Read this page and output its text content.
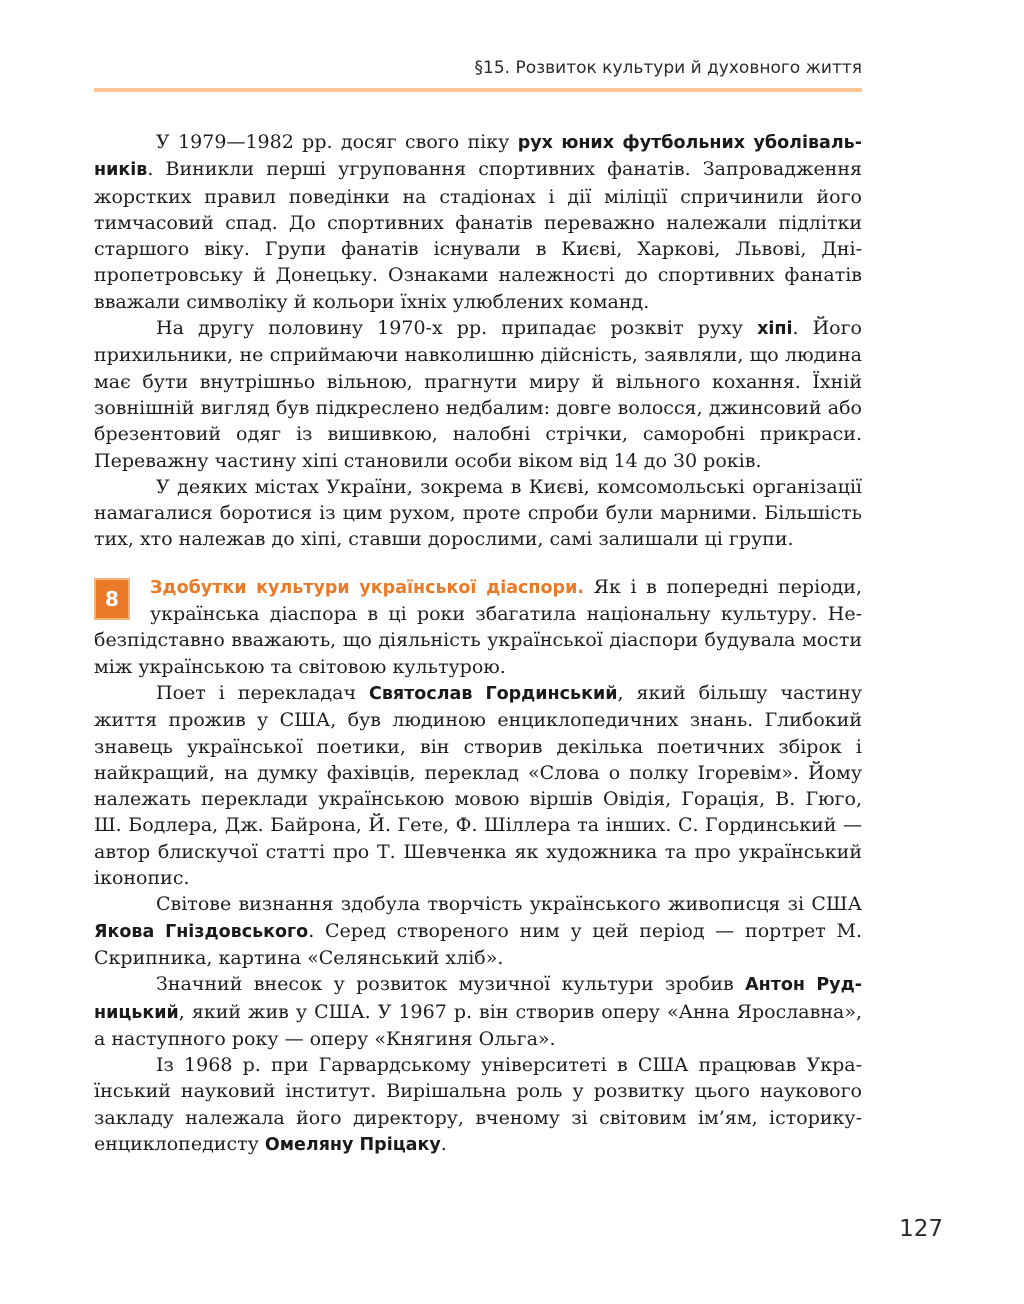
§15. Розвиток культури й духовного життя

У 1979—1982 рр. досяг свого піку рух юних футбольних уболівальників. Виникли перші угруповання спортивних фанатів. Запровадження жорстких правил поведінки на стадіонах і дії міліції спричинили його тимчасовий спад. До спортивних фанатів переважно належали підлітки старшого віку. Групи фанатів існували в Києві, Харкові, Львові, Дніпропетровську й Донецьку. Ознаками належності до спортивних фанатів вважали символіку й кольори їхніх улюблених команд.

На другу половину 1970-х рр. припадає розквіт руху хіпі. Його прихильники, не сприймаючи навколишню дійсність, заявляли, що людина має бути внутрішньо вільною, прагнути миру й вільного кохання. Їхній зовнішній вигляд був підкреслено недбалим: довге волосся, джинсовий або брезентовий одяг із вишивкою, налобні стрічки, саморобні прикраси. Переважну частину хіпі становили особи віком від 14 до 30 років.

У деяких містах України, зокрема в Києві, комсомольські організації намагалися боротися із цим рухом, проте спроби були марними. Більшість тих, хто належав до хіпі, ставши дорослими, самі залишали ці групи.

8	Здобутки культури української діаспори. Як і в попередні періоди, українська діаспора в ці роки збагатила національну культуру. Небезпідставно вважають, що діяльність української діаспори будувала мости між українською та світовою культурою.

Поет і перекладач Святослав Гординський, який більшу частину життя прожив у США, був людиною енциклопедичних знань. Глибокий знавець української поетики, він створив декілька поетичних збірок і найкращий, на думку фахівців, переклад «Слова о полку Ігоревім». Йому належать переклади українською мовою віршів Овідія, Горація, В. Гюго, Ш. Бодлера, Дж. Байрона, Й. Гете, Ф. Шіллера та інших. С. Гординський — автор блискучої статті про Т. Шевченка як художника та про український іконопис.

Світове визнання здобула творчість українського живописця зі США Якова Гніздовського. Серед створеного ним у цей період — портрет М. Скрипника, картина «Селянський хліб».

Значний внесок у розвиток музичної культури зробив Антон Рудницький, який жив у США. У 1967 р. він створив оперу «Анна Ярославна», а наступного року — оперу «Княгиня Ольга».

Із 1968 р. при Гарвардському університеті в США працював Український науковий інститут. Вирішальна роль у розвитку цього наукового закладу належала його директору, вченому зі світовим ім’ям, історику-енциклопедисту Омеляну Пріцаку.

127
